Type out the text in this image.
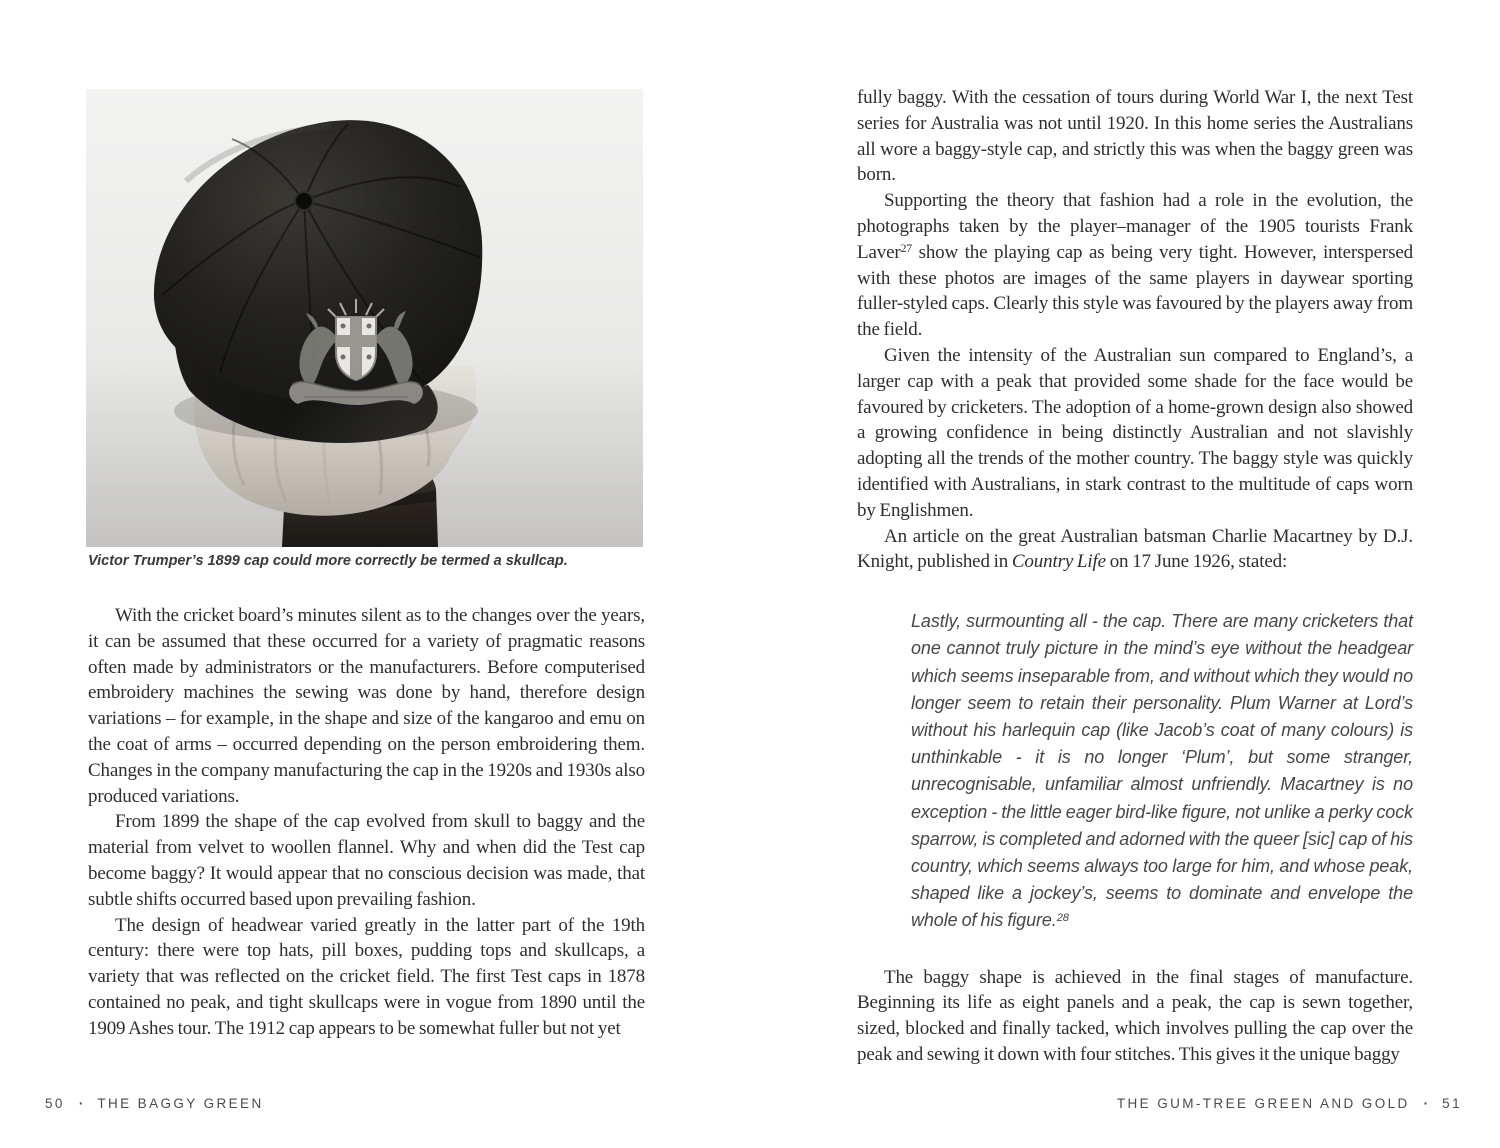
Victor Trumper’s 1899 cap could more correctly be termed a skullcap.

With the cricket board’s minutes silent as to the changes over the years, it can be assumed that these occurred for a variety of pragmatic reasons often made by administrators or the manufacturers. Before computerised embroidery machines the sewing was done by hand, therefore design variations – for example, in the shape and size of the kangaroo and emu on the coat of arms – occurred depending on the person embroidering them. Changes in the company manufacturing the cap in the 1920s and 1930s also produced variations.

From 1899 the shape of the cap evolved from skull to baggy and the material from velvet to woollen flannel. Why and when did the Test cap become baggy? It would appear that no conscious decision was made, that subtle shifts occurred based upon prevailing fashion.

The design of headwear varied greatly in the latter part of the 19th century: there were top hats, pill boxes, pudding tops and skullcaps, a variety that was reflected on the cricket field. The first Test caps in 1878 contained no peak, and tight skullcaps were in vogue from 1890 until the 1909 Ashes tour. The 1912 cap appears to be somewhat fuller but not yet

50 · THE BAGGY GREEN

fully baggy. With the cessation of tours during World War I, the next Test series for Australia was not until 1920. In this home series the Australians all wore a baggy-style cap, and strictly this was when the baggy green was born.

Supporting the theory that fashion had a role in the evolution, the photographs taken by the player–manager of the 1905 tourists Frank Laver$^{27}$ show the playing cap as being very tight. However, interspersed with these photos are images of the same players in daywear sporting fuller-styled caps. Clearly this style was favoured by the players away from the field.

Given the intensity of the Australian sun compared to England’s, a larger cap with a peak that provided some shade for the face would be favoured by cricketers. The adoption of a home-grown design also showed a growing confidence in being distinctly Australian and not slavishly adopting all the trends of the mother country. The baggy style was quickly identified with Australians, in stark contrast to the multitude of caps worn by Englishmen.

An article on the great Australian batsman Charlie Macartney by D.J. Knight, published in Country Life on 17 June 1926, stated:

Lastly, surmounting all - the cap. There are many cricketers that one cannot truly picture in the mind’s eye without the headgear which seems inseparable from, and without which they would no longer seem to retain their personality. Plum Warner at Lord’s without his harlequin cap (like Jacob’s coat of many colours) is unthinkable - it is no longer ‘Plum’, but some stranger, unrecognisable, unfamiliar almost unfriendly. Macartney is no exception - the little eager bird-like figure, not unlike a perky cock sparrow, is completed and adorned with the queer [sic] cap of his country, which seems always too large for him, and whose peak, shaped like a jockey’s, seems to dominate and envelope the whole of his figure.$^{28}$

The baggy shape is achieved in the final stages of manufacture. Beginning its life as eight panels and a peak, the cap is sewn together, sized, blocked and finally tacked, which involves pulling the cap over the peak and sewing it down with four stitches. This gives it the unique baggy

THE GUM-TREE GREEN AND GOLD · 51
